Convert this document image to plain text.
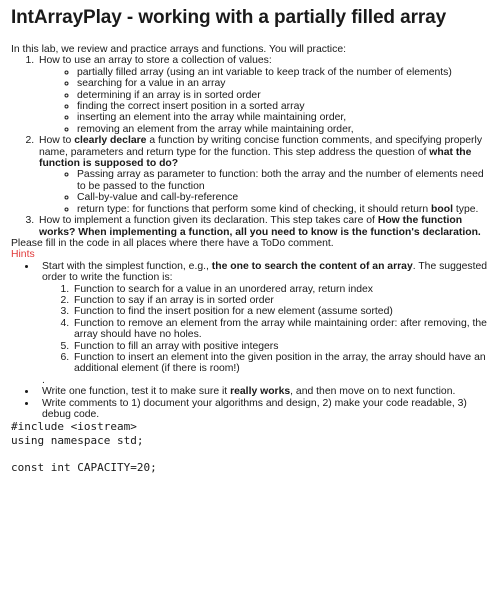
IntArrayPlay - working with a partially filled array
In this lab, we review and practice arrays and functions. You will practice:
1. How to use an array to store a collection of values:
◦ partially filled array (using an int variable to keep track of the number of elements)
◦ searching for a value in an array
◦ determining if an array is in sorted order
◦ finding the correct insert position in a sorted array
◦ inserting an element into the array while maintaining order,
◦ removing an element from the array while maintaining order,
2. How to clearly declare a function by writing concise function comments, and specifying properly name, parameters and return type for the function. This step address the question of what the function is supposed to do?
◦ Passing array as parameter to function: both the array and the number of elements need to be passed to the function
◦ Call-by-value and call-by-reference
◦ return type: for functions that perform some kind of checking, it should return bool type.
3. How to implement a function given its declaration. This step takes care of How the function works? When implementing a function, all you need to know is the function's declaration.
Please fill in the code in all places where there have a ToDo comment.
Hints
• Start with the simplest function, e.g., the one to search the content of an array. The suggested order to write the function is:
1. Function to search for a value in an unordered array, return index
2. Function to say if an array is in sorted order
3. Function to find the insert position for a new element (assume sorted)
4. Function to remove an element from the array while maintaining order: after removing, the array should have no holes.
5. Function to fill an array with positive integers
6. Function to insert an element into the given position in the array, the array should have an additional element (if there is room!)
.
• Write one function, test it to make sure it really works, and then move on to next function.
• Write comments to 1) document your algorithms and design, 2) make your code readable, 3) debug code.
#include <iostream>
using namespace std;

const int CAPACITY=20;
